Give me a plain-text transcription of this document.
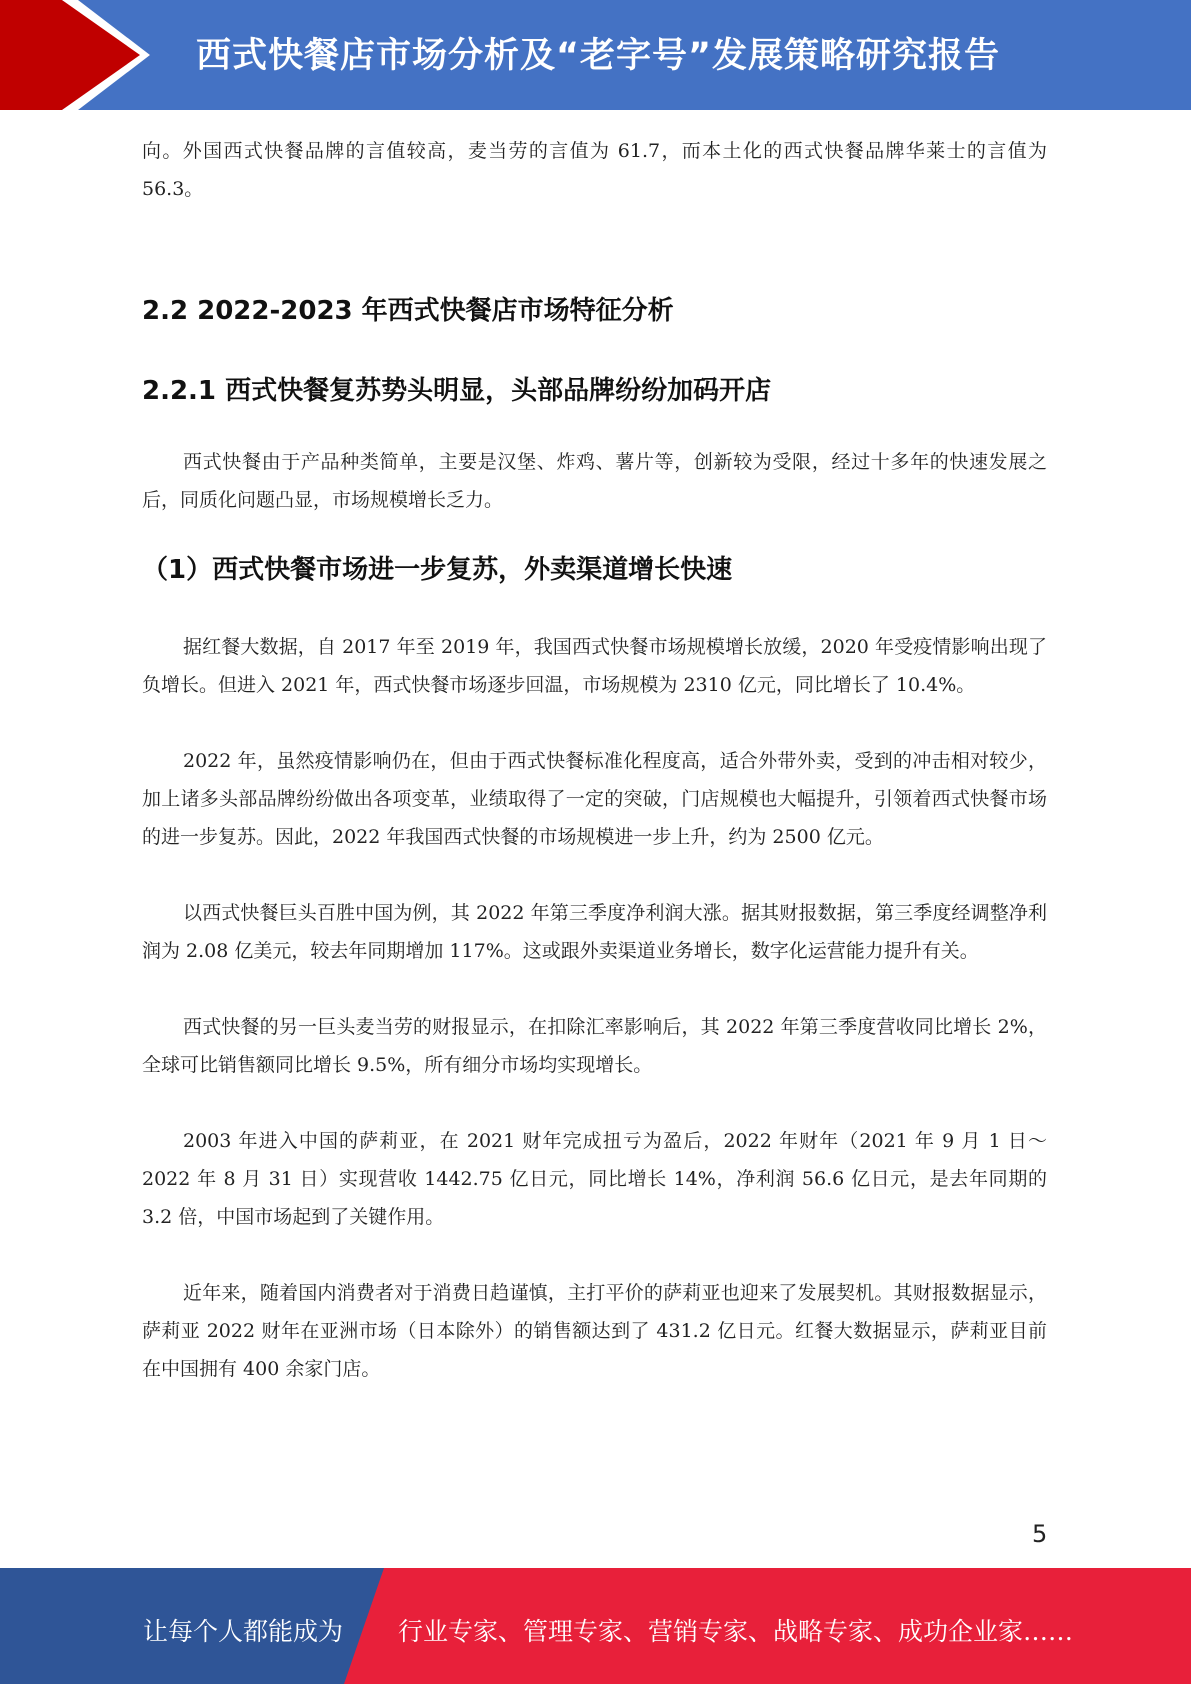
西式快餐店市场分析及“老字号”发展策略研究报告

向。外国西式快餐品牌的言值较高，麦当劳的言值为 61.7，而本土化的西式快餐品牌华莱士的言值为 56.3。

2.2 2022-2023 年西式快餐店市场特征分析
2.2.1 西式快餐复苏势头明显，头部品牌纷纷加码开店

西式快餐由于产品种类简单，主要是汉堡、炸鸡、薯片等，创新较为受限，经过十多年的快速发展之后，同质化问题凸显，市场规模增长乏力。

（1）西式快餐市场进一步复苏，外卖渠道增长快速

据红餐大数据，自 2017 年至 2019 年，我国西式快餐市场规模增长放缓，2020 年受疫情影响出现了负增长。但进入 2021 年，西式快餐市场逐步回温，市场规模为 2310 亿元，同比增长了 10.4%。

2022 年，虽然疫情影响仍在，但由于西式快餐标准化程度高，适合外带外卖，受到的冲击相对较少，加上诸多头部品牌纷纷做出各项变革，业绩取得了一定的突破，门店规模也大幅提升，引领着西式快餐市场的进一步复苏。因此，2022 年我国西式快餐的市场规模进一步上升，约为 2500 亿元。

以西式快餐巨头百胜中国为例，其 2022 年第三季度净利润大涨。据其财报数据，第三季度经调整净利润为 2.08 亿美元，较去年同期增加 117%。这或跟外卖渠道业务增长，数字化运营能力提升有关。

西式快餐的另一巨头麦当劳的财报显示，在扣除汇率影响后，其 2022 年第三季度营收同比增长 2%，全球可比销售额同比增长 9.5%，所有细分市场均实现增长。

2003 年进入中国的萨莉亚，在 2021 财年完成扭亏为盈后，2022 年财年（2021 年 9 月 1 日～2022 年 8 月 31 日）实现营收 1442.75 亿日元，同比增长 14%，净利润 56.6 亿日元，是去年同期的 3.2 倍，中国市场起到了关键作用。

近年来，随着国内消费者对于消费日趋谨慎，主打平价的萨莉亚也迎来了发展契机。其财报数据显示，萨莉亚 2022 财年在亚洲市场（日本除外）的销售额达到了 431.2 亿日元。红餐大数据显示，萨莉亚目前在中国拥有 400 余家门店。

5
让每个人都能成为 行业专家、管理专家、营销专家、战略专家、成功企业家……
